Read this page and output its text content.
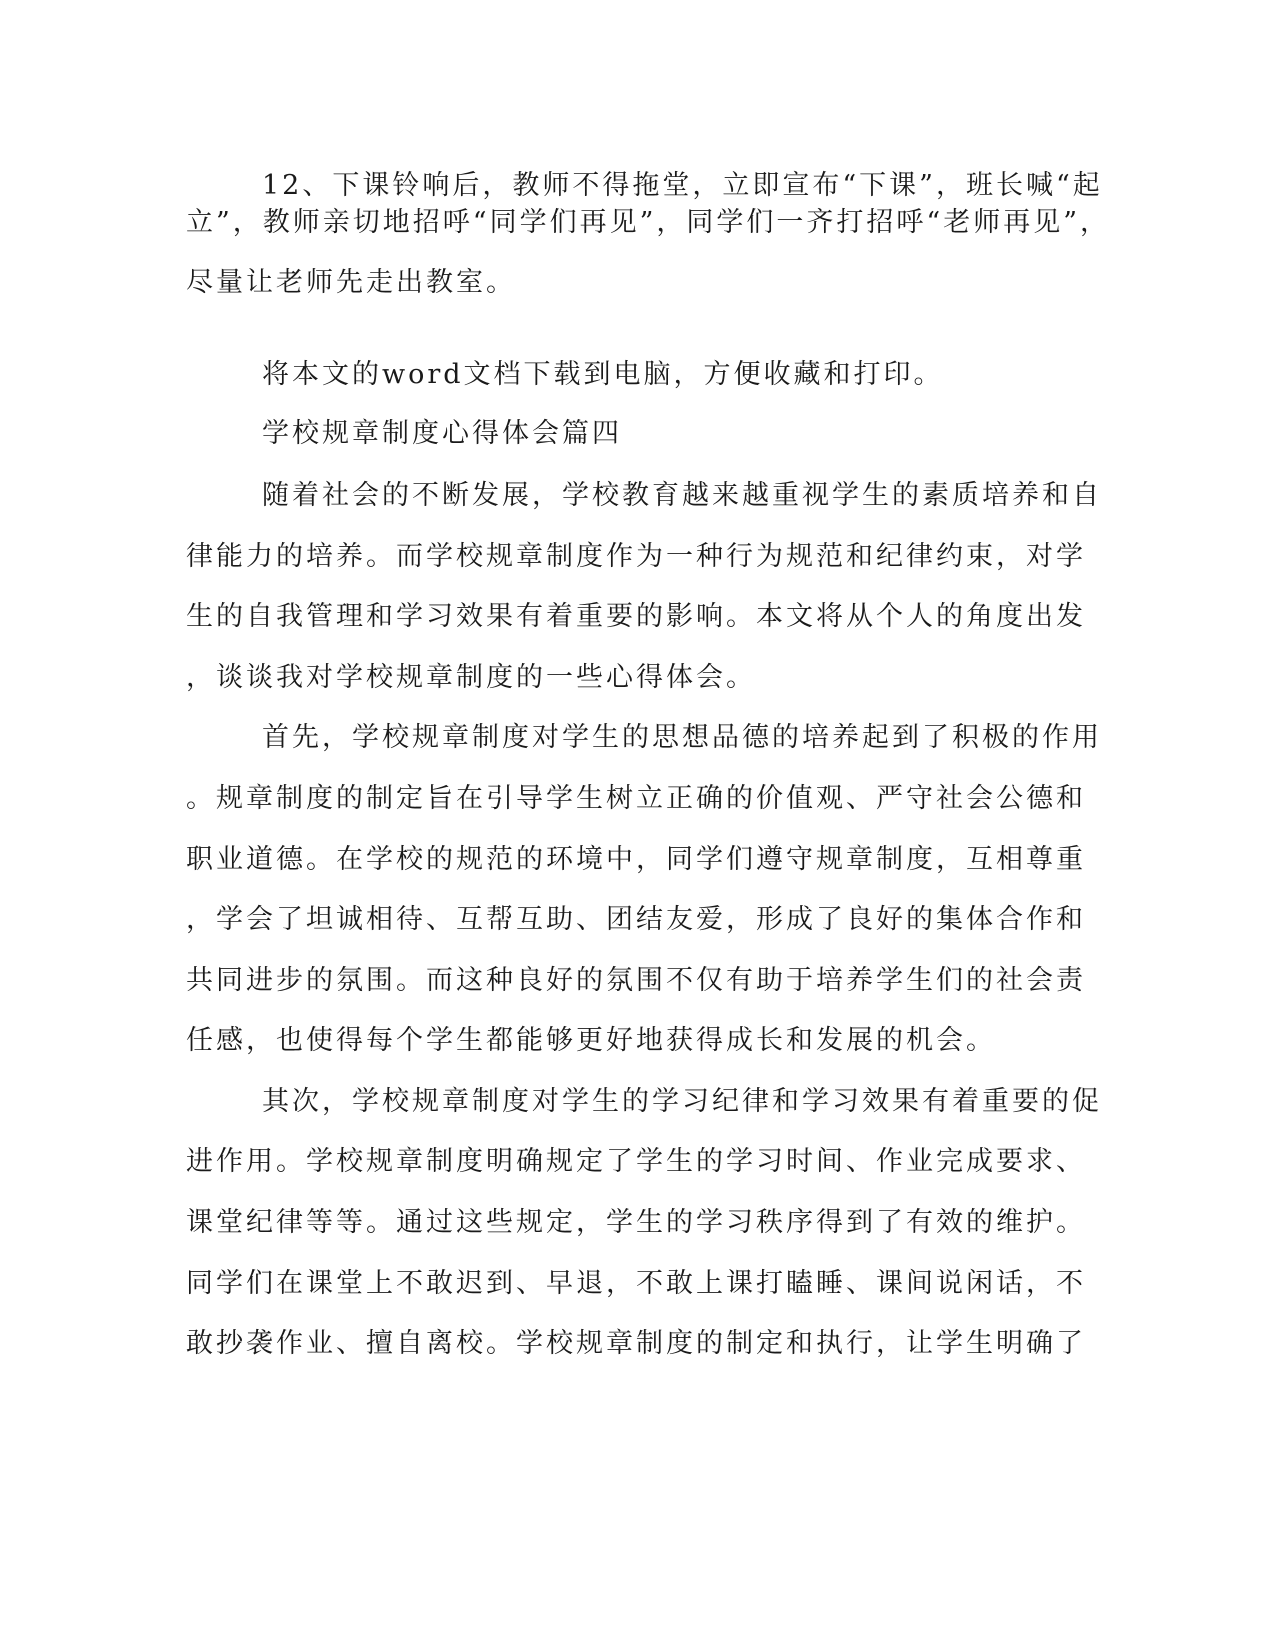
12、下课铃响后，教师不得拖堂，立即宣布“下课”，班长喊“起

立”，教师亲切地招呼“同学们再见”，同学们一齐打招呼“老师再见”，

尽量让老师先走出教室。

将本文的word文档下载到电脑，方便收藏和打印。

学校规章制度心得体会篇四

随着社会的不断发展，学校教育越来越重视学生的素质培养和自

律能力的培养。而学校规章制度作为一种行为规范和纪律约束，对学

生的自我管理和学习效果有着重要的影响。本文将从个人的角度出发

，谈谈我对学校规章制度的一些心得体会。

首先，学校规章制度对学生的思想品德的培养起到了积极的作用

。规章制度的制定旨在引导学生树立正确的价值观、严守社会公德和

职业道德。在学校的规范的环境中，同学们遵守规章制度，互相尊重

，学会了坦诚相待、互帮互助、团结友爱，形成了良好的集体合作和

共同进步的氛围。而这种良好的氛围不仅有助于培养学生们的社会责

任感，也使得每个学生都能够更好地获得成长和发展的机会。

其次，学校规章制度对学生的学习纪律和学习效果有着重要的促

进作用。学校规章制度明确规定了学生的学习时间、作业完成要求、

课堂纪律等等。通过这些规定，学生的学习秩序得到了有效的维护。

同学们在课堂上不敢迟到、早退，不敢上课打瞌睡、课间说闲话，不

敢抄袭作业、擅自离校。学校规章制度的制定和执行，让学生明确了
